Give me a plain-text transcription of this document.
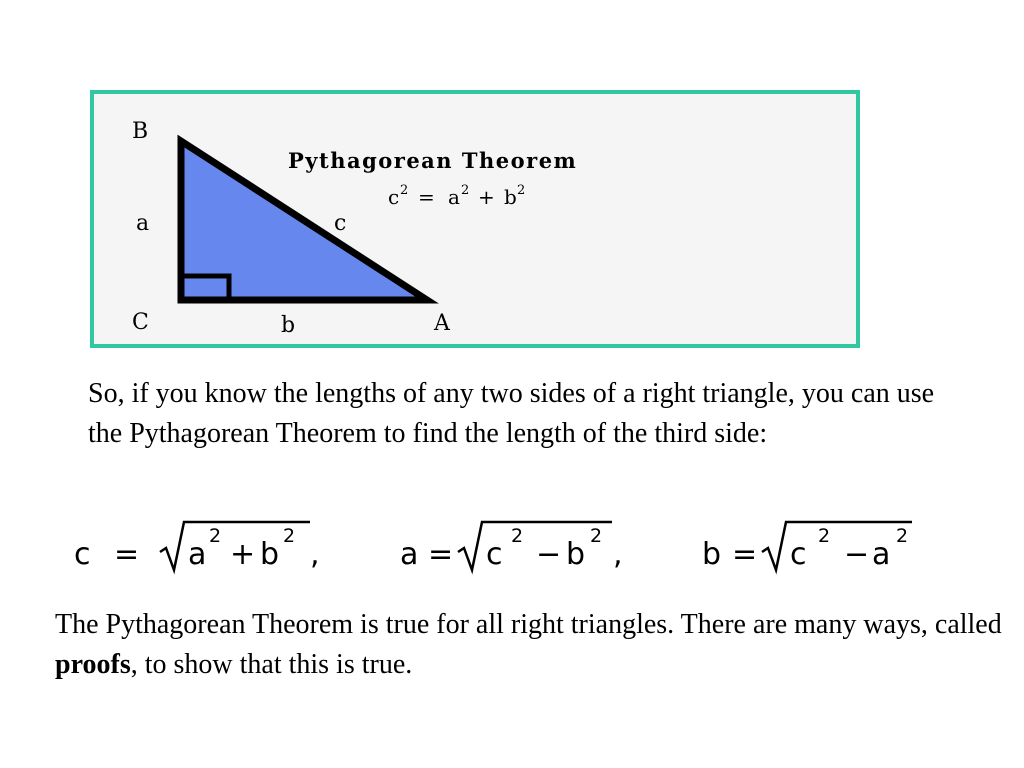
B
C	A
a
b
c
Pythagorean Theorem
c 2 = a 2 + b 2

So, if you know the lengths of any two sides of a right triangle, you can use the Pythagorean Theorem to find the length of the third side:

c = a
2
+ b
2
,	a = c
2
− b
2
,	b = c
2
− a
2

The Pythagorean Theorem is true for all right triangles. There are many ways, called proofs, to show that this is true.
